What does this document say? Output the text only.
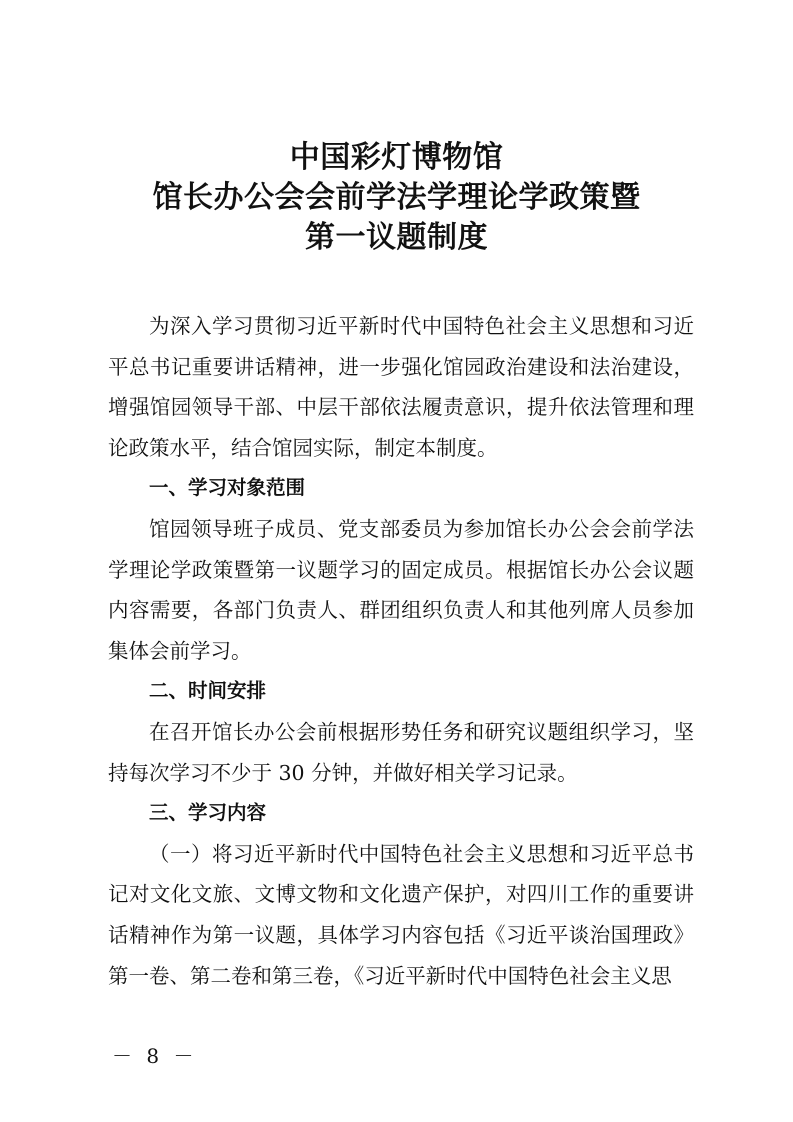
中国彩灯博物馆
馆长办公会会前学法学理论学政策暨
第一议题制度

为深入学习贯彻习近平新时代中国特色社会主义思想和习近平总书记重要讲话精神，进一步强化馆园政治建设和法治建设，增强馆园领导干部、中层干部依法履责意识，提升依法管理和理论政策水平，结合馆园实际，制定本制度。

一、学习对象范围

馆园领导班子成员、党支部委员为参加馆长办公会会前学法学理论学政策暨第一议题学习的固定成员。根据馆长办公会议题内容需要，各部门负责人、群团组织负责人和其他列席人员参加集体会前学习。

二、时间安排

在召开馆长办公会前根据形势任务和研究议题组织学习，坚持每次学习不少于 30 分钟，并做好相关学习记录。

三、学习内容

（一）将习近平新时代中国特色社会主义思想和习近平总书记对文化文旅、文博文物和文化遗产保护，对四川工作的重要讲话精神作为第一议题，具体学习内容包括《习近平谈治国理政》第一卷、第二卷和第三卷，《习近平新时代中国特色社会主义思

－ 8 －
